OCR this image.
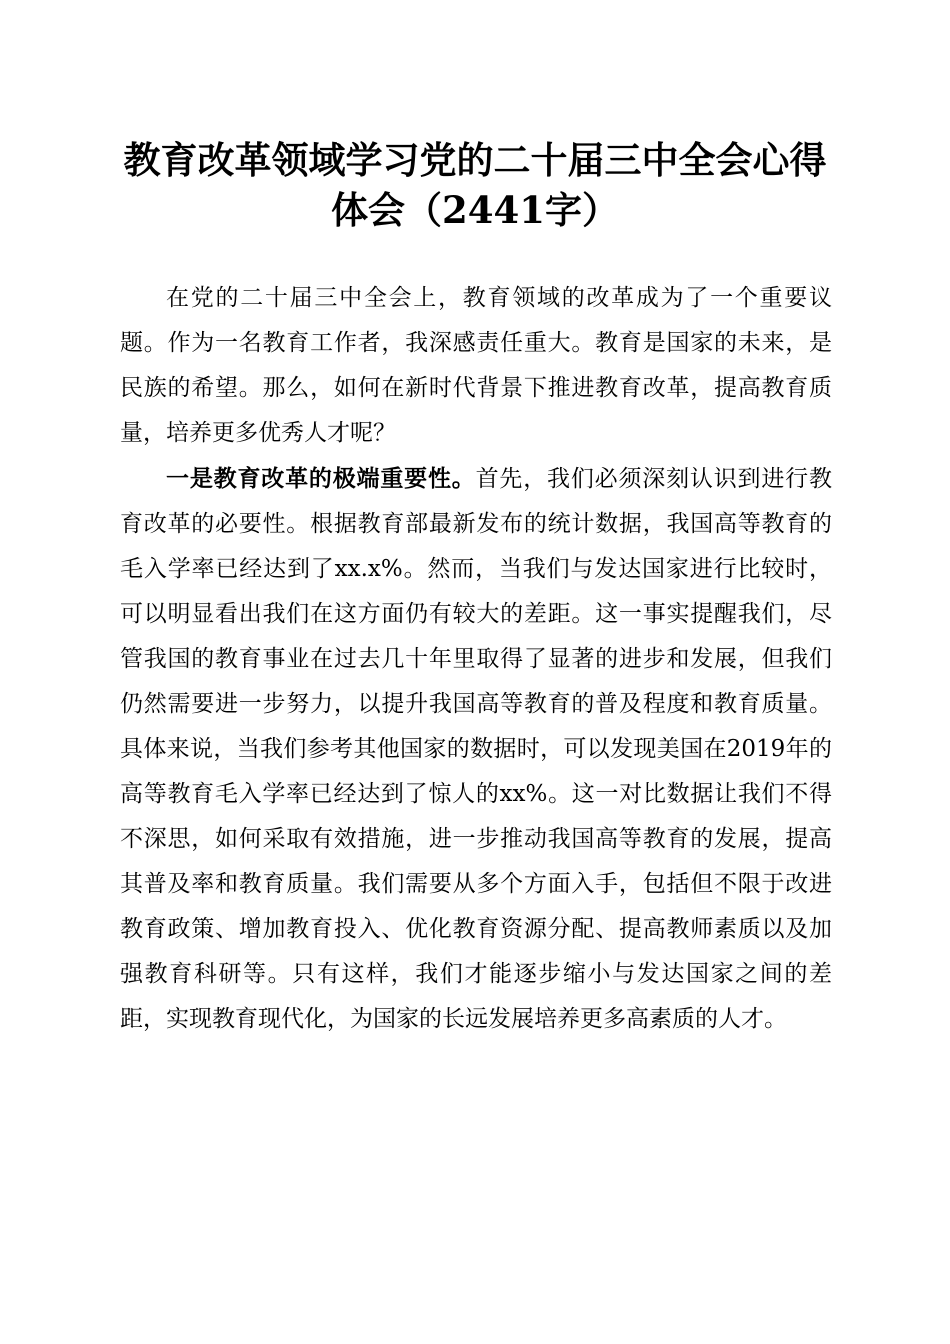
教育改革领域学习党的二十届三中全会心得体会（2441字）

在党的二十届三中全会上，教育领域的改革成为了一个重要议题。作为一名教育工作者，我深感责任重大。教育是国家的未来，是民族的希望。那么，如何在新时代背景下推进教育改革，提高教育质量，培养更多优秀人才呢？

一是教育改革的极端重要性。首先，我们必须深刻认识到进行教育改革的必要性。根据教育部最新发布的统计数据，我国高等教育的毛入学率已经达到了xx.x%。然而，当我们与发达国家进行比较时，可以明显看出我们在这方面仍有较大的差距。这一事实提醒我们，尽管我国的教育事业在过去几十年里取得了显著的进步和发展，但我们仍然需要进一步努力，以提升我国高等教育的普及程度和教育质量。具体来说，当我们参考其他国家的数据时，可以发现美国在2019年的高等教育毛入学率已经达到了惊人的xx%。这一对比数据让我们不得不深思，如何采取有效措施，进一步推动我国高等教育的发展，提高其普及率和教育质量。我们需要从多个方面入手，包括但不限于改进教育政策、增加教育投入、优化教育资源分配、提高教师素质以及加强教育科研等。只有这样，我们才能逐步缩小与发达国家之间的差距，实现教育现代化，为国家的长远发展培养更多高素质的人才。
